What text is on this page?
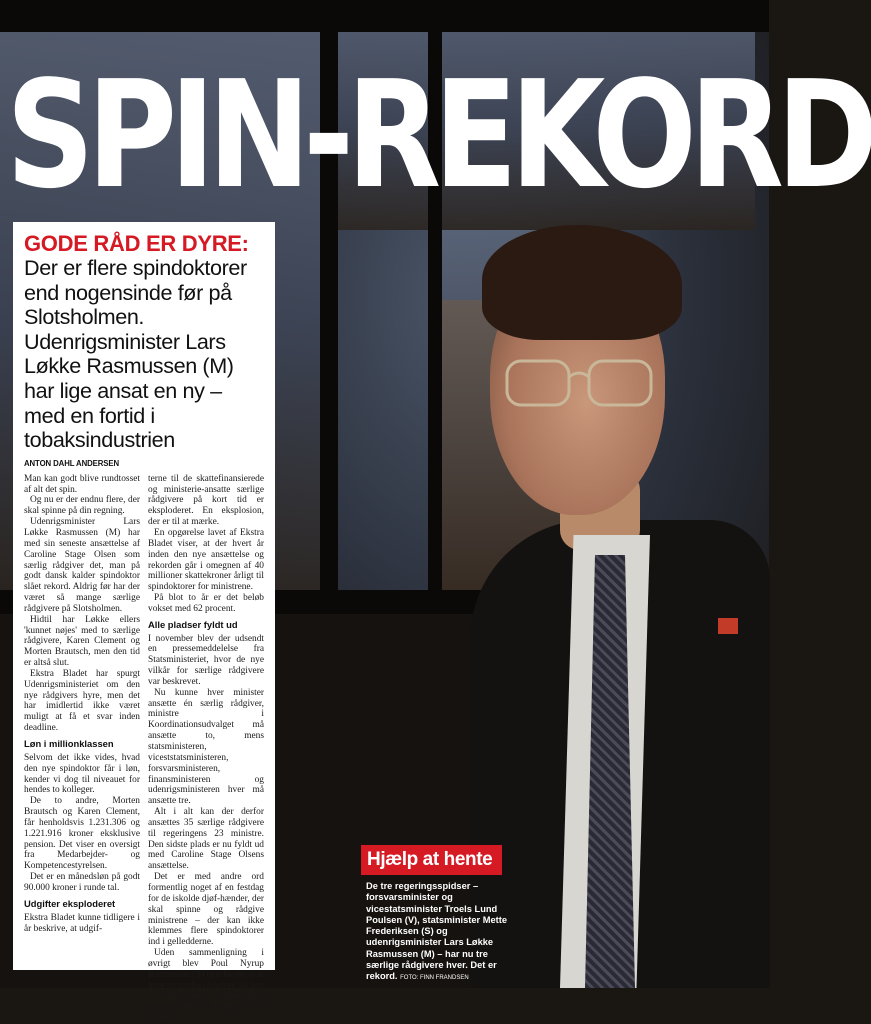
SPIN-REKORD
GODE RÅD ER DYRE:

Der er flere spindoktorer end nogensinde før på Slotsholmen. Udenrigsminister Lars Løkke Rasmussen (M) har lige ansat en ny – med en fortid i tobaksindustrien

ANTON DAHL ANDERSEN

Man kan godt blive rundtosset af alt det spin.

Og nu er der endnu flere, der skal spinne på din regning.

Udenrigsminister Lars Løkke Rasmussen (M) har med sin seneste ansættelse af Caroline Stage Olsen som særlig rådgiver det, man på godt dansk kalder spindoktor slået rekord. Aldrig før har der været så mange særlige rådgivere på Slotsholmen.

Hidtil har Løkke ellers 'kunnet nøjes' med to særlige rådgivere, Karen Clement og Morten Brautsch, men den tid er altså slut.

Ekstra Bladet har spurgt Udenrigsministeriet om den nye rådgivers hyre, men det har imidlertid ikke været muligt at få et svar inden deadline.

Løn i millionklassen

Selvom det ikke vides, hvad den nye spindoktor får i løn, kender vi dog til niveauet for hendes to kolleger.

De to andre, Morten Brautsch og Karen Clement, får henholdsvis 1.231.306 og 1.221.916 kroner eksklusive pension. Det viser en oversigt fra Medarbejder- og Kompetencestyrelsen.

Det er en månedsløn på godt 90.000 kroner i runde tal.

Udgifter eksploderet

Ekstra Bladet kunne tidligere i år beskrive, at udgif-

terne til de skattefinansierede og ministerie-ansatte særlige rådgivere på kort tid er eksploderet. En eksplosion, der er til at mærke.

En opgørelse lavet af Ekstra Bladet viser, at der hvert år inden den nye ansættelse og rekorden går i omegnen af 40 millioner skattekroner årligt til spindoktorer for ministrene.

På blot to år er det beløb vokset med 62 procent.

Alle pladser fyldt ud

I november blev der udsendt en pressemeddelelse fra Statsministeriet, hvor de nye vilkår for særlige rådgivere var beskrevet.

Nu kunne hver minister ansætte én særlig rådgiver, ministre i Koordinationsudvalget må ansætte to, mens statsministeren, viceststatsministeren, forsvarsministeren, finansministeren og udenrigsministeren hver må ansætte tre.

Alt i alt kan der derfor ansættes 35 særlige rådgivere til regeringens 23 ministre. Den sidste plads er nu fyldt ud med Caroline Stage Olsens ansættelse.

Det er med andre ord formentlig noget af en festdag for de iskolde djøf-hænder, der skal spinne og rådgive ministrene – der kan ikke klemmes flere spindoktorer ind i gelledderne.

Uden sammenligning i øvrigt blev Poul Nyrup Rasmussen (S) den første til at hyre en særlig rådgiver, da han i 1996 som statsminister ansatte Billy Adamsen til posten.

Hjælp at hente

De tre regeringsspidser – forsvarsminister og vicestatsminister Troels Lund Poulsen (V), statsminister Mette Frederiksen (S) og udenrigsminister Lars Løkke Rasmussen (M) – har nu tre særlige rådgivere hver. Det er rekord. FOTO: FINN FRANDSEN
